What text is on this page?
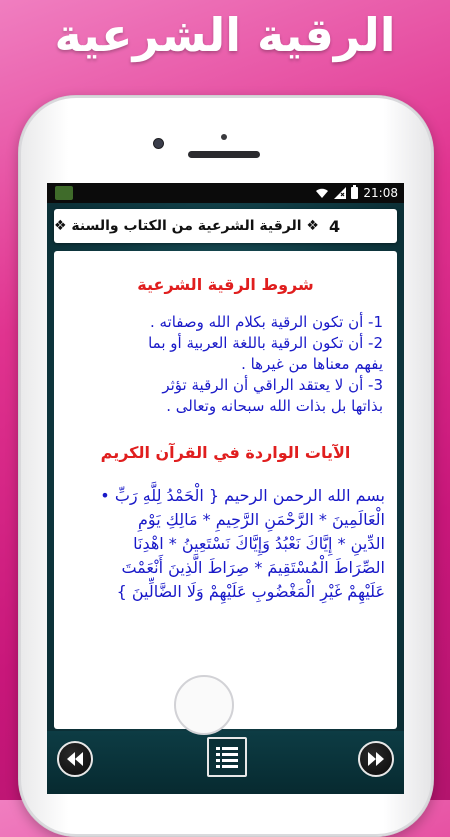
الرقية الشرعية
21:08
4
❖ الرقية الشرعية من الكتاب والسنة ❖
شروط الرقية الشرعية

1- أن تكون الرقية بكلام الله وصفاته .

2- أن تكون الرقية باللغة العربية أو بما

يفهم معناها من غيرها .

3- أن لا يعتقد الراقي أن الرقية تؤثر

بذاتها بل بذات الله سبحانه وتعالى .

الآيات الواردة في القرآن الكريم

بسم الله الرحمن الرحيم { الْحَمْدُ لِلَّهِ رَبِّ •

الْعَالَمِينَ * الرَّحْمَنِ الرَّحِيمِ * مَالِكِ يَوْمِ

الدِّينِ * إِيَّاكَ نَعْبُدُ وَإِيَّاكَ نَسْتَعِينُ * اهْدِنَا

الصِّرَاطَ الْمُسْتَقِيمَ * صِرَاطَ الَّذِينَ أَنْعَمْتَ

عَلَيْهِمْ غَيْرِ الْمَغْضُوبِ عَلَيْهِمْ وَلَا الضَّالِّينَ }
